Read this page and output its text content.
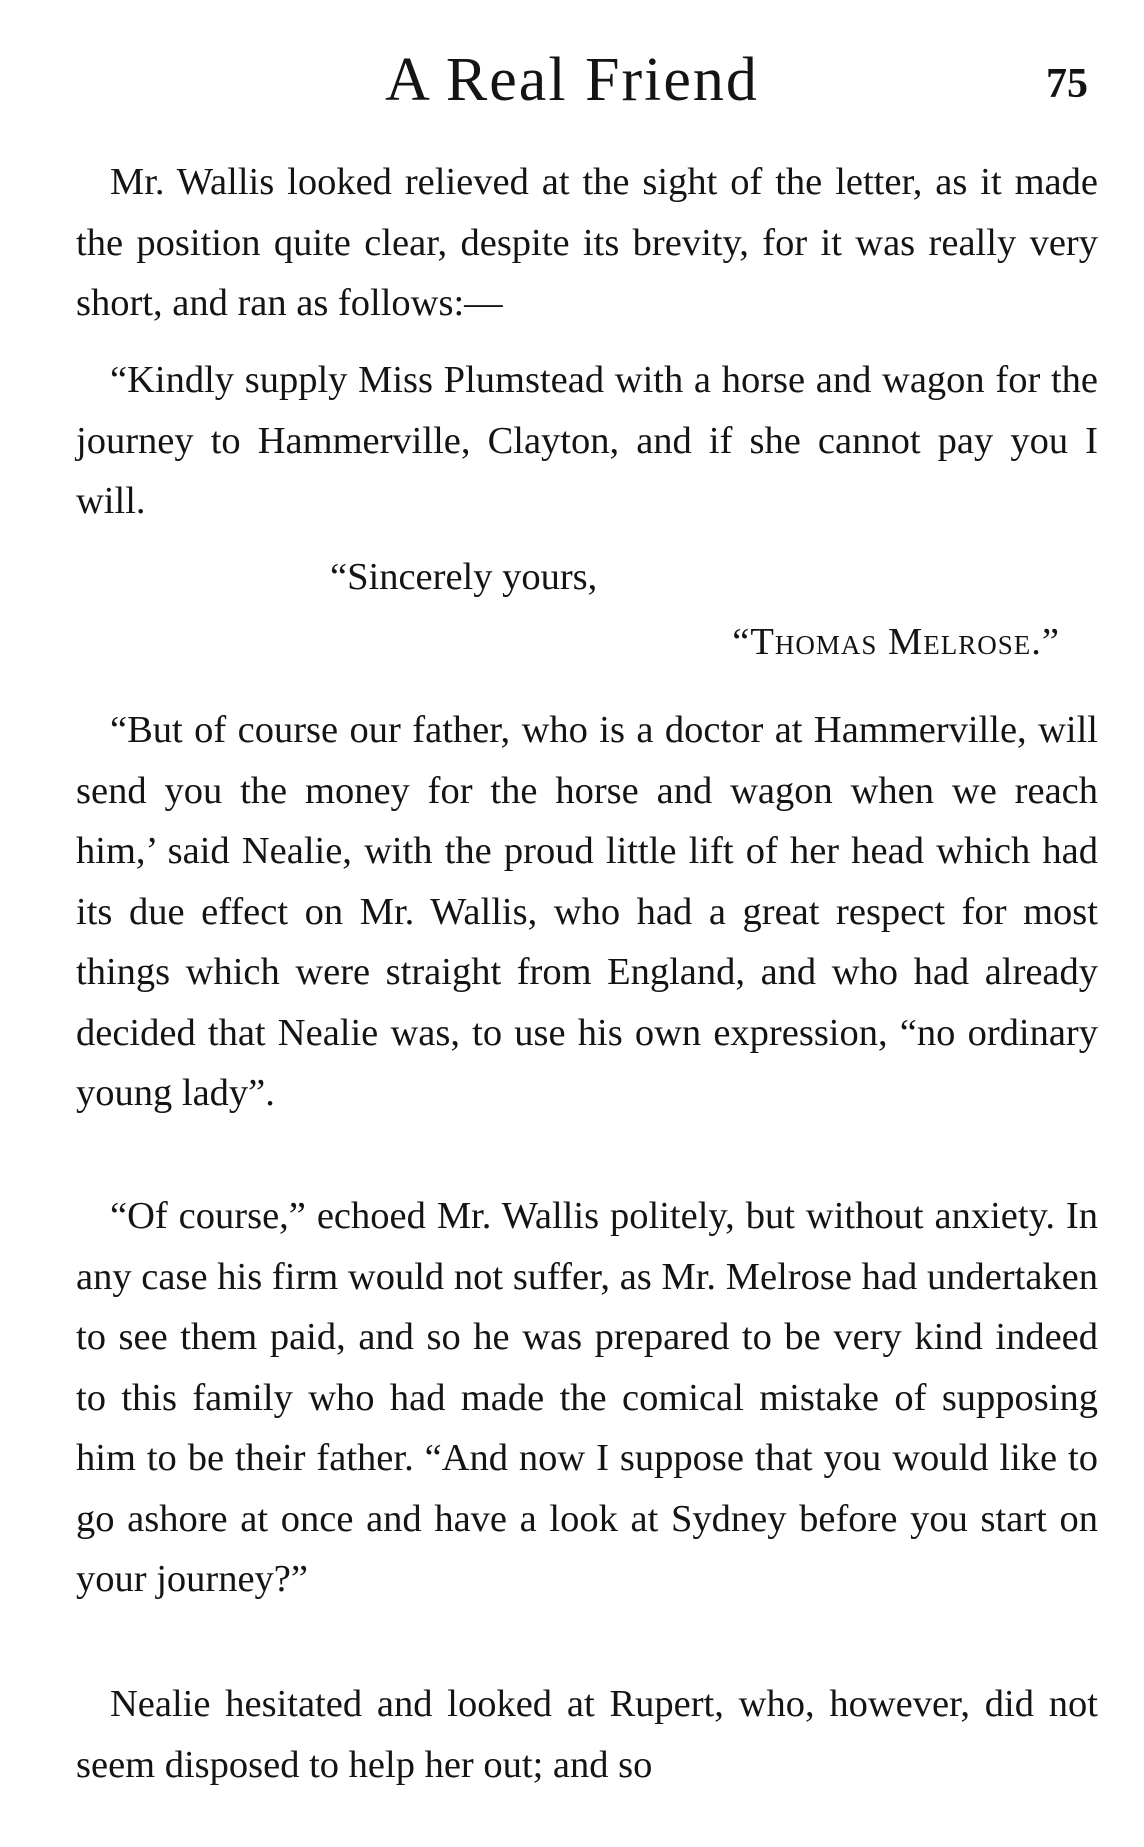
A Real Friend	75

Mr. Wallis looked relieved at the sight of the letter, as it made the position quite clear, despite its brevity, for it was really very short, and ran as follows:—

“Kindly supply Miss Plumstead with a horse and wagon for the journey to Hammerville, Clayton, and if she cannot pay you I will.

“Sincerely yours,
“Thomas Melrose.”

“But of course our father, who is a doctor at Hammerville, will send you the money for the horse and wagon when we reach him,’ said Nealie, with the proud little lift of her head which had its due effect on Mr. Wallis, who had a great respect for most things which were straight from England, and who had already decided that Nealie was, to use his own expression, “no ordinary young lady”.

“Of course,” echoed Mr. Wallis politely, but without anxiety. In any case his firm would not suffer, as Mr. Melrose had undertaken to see them paid, and so he was prepared to be very kind indeed to this family who had made the comical mistake of supposing him to be their father. “And now I suppose that you would like to go ashore at once and have a look at Sydney before you start on your journey?”

Nealie hesitated and looked at Rupert, who, however, did not seem disposed to help her out; and so
